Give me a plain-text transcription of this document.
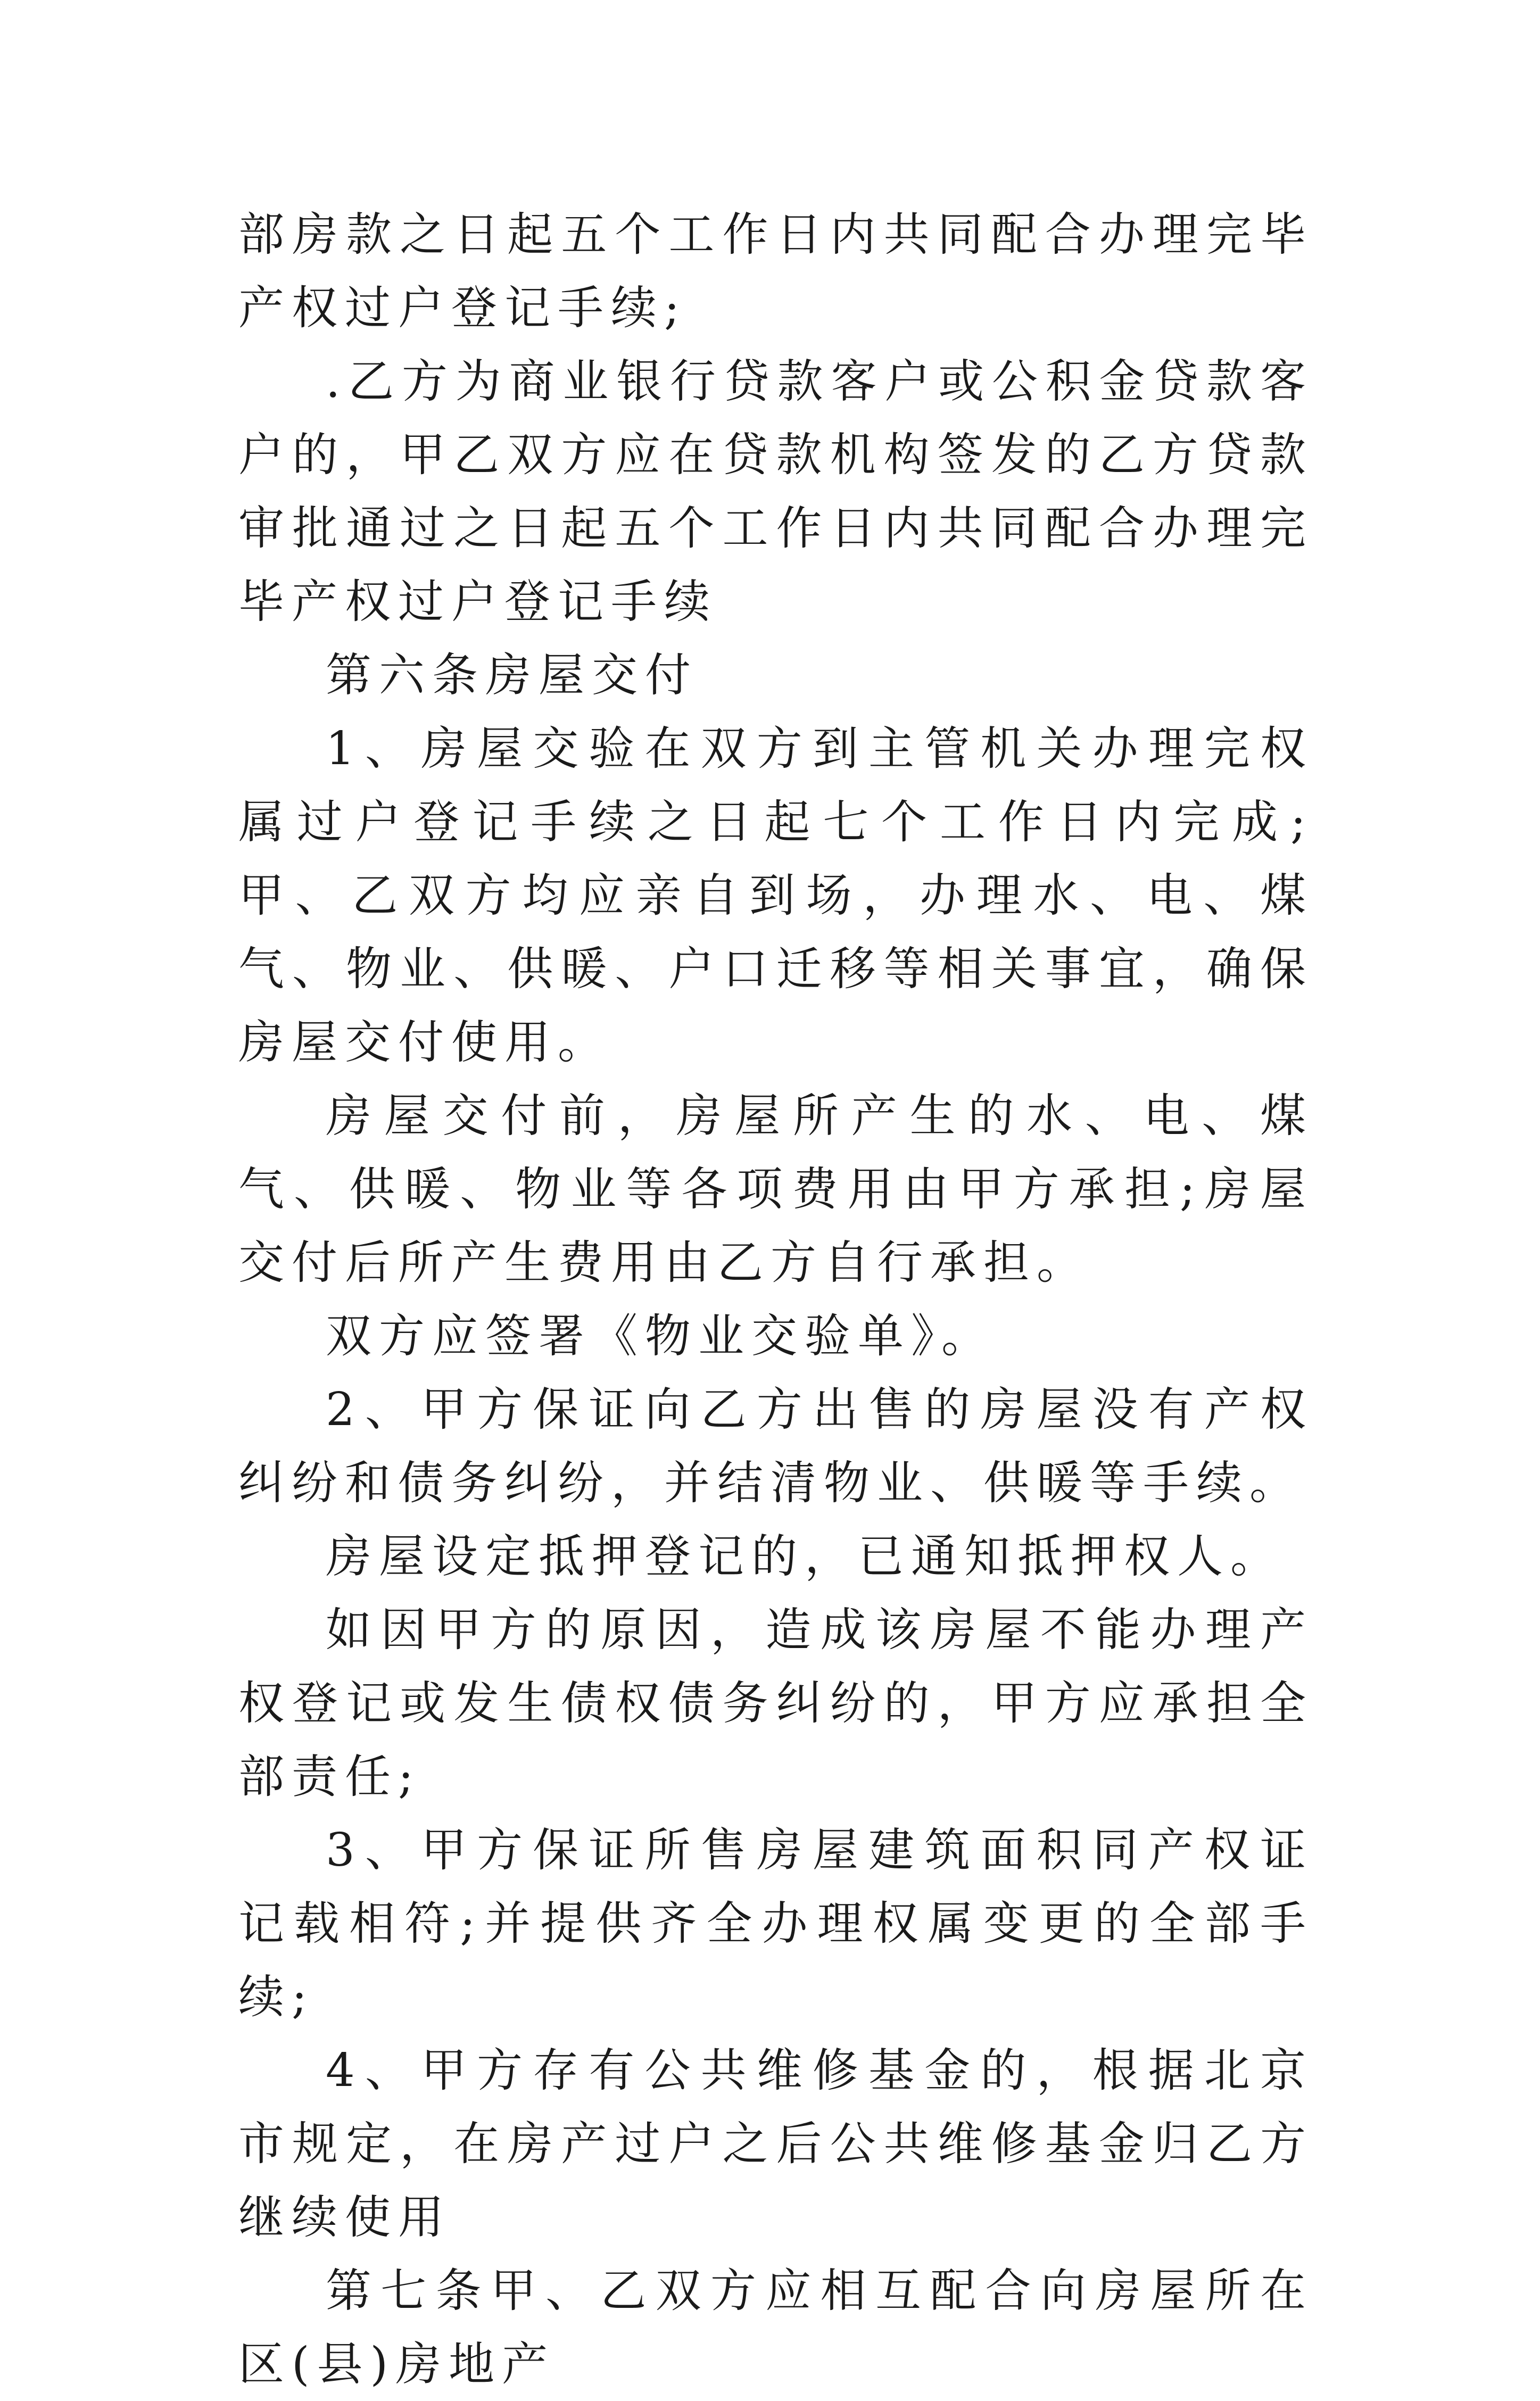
部房款之日起五个工作日内共同配合办理完毕产权过户登记手续;

.乙方为商业银行贷款客户或公积金贷款客户的，甲乙双方应在贷款机构签发的乙方贷款审批通过之日起五个工作日内共同配合办理完毕产权过户登记手续

第六条房屋交付

1、房屋交验在双方到主管机关办理完权属过户登记手续之日起七个工作日内完成;甲、乙双方均应亲自到场，办理水、电、煤气、物业、供暖、户口迁移等相关事宜，确保房屋交付使用。

房屋交付前，房屋所产生的水、电、煤气、供暖、物业等各项费用由甲方承担;房屋交付后所产生费用由乙方自行承担。

双方应签署《物业交验单》。

2、甲方保证向乙方出售的房屋没有产权纠纷和债务纠纷，并结清物业、供暖等手续。

房屋设定抵押登记的，已通知抵押权人。

如因甲方的原因，造成该房屋不能办理产权登记或发生债权债务纠纷的，甲方应承担全部责任;

3、甲方保证所售房屋建筑面积同产权证记载相符;并提供齐全办理权属变更的全部手续;

4、甲方存有公共维修基金的，根据北京市规定，在房产过户之后公共维修基金归乙方继续使用

第七条甲、乙双方应相互配合向房屋所在区(县)房地产
